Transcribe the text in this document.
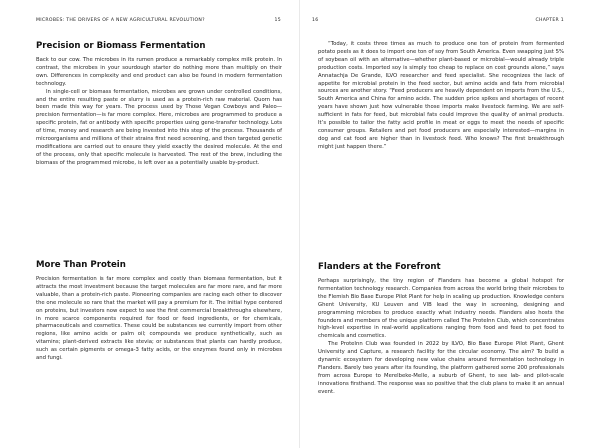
MICROBES: THE DRIVERS OF A NEW AGRICULTURAL REVOLUTION?	15
Precision or Biomass Fermentation

Back to our cow. The microbes in its rumen produce a remarkably complex milk protein. In contrast, the microbes in your sourdough starter do nothing more than multiply on their own. Differences in complexity and end product can also be found in modern fermentation technology.

In single-cell or biomass fermentation, microbes are grown under controlled conditions, and the entire resulting paste or slurry is used as a protein-rich raw material. Quorn has been made this way for years. The process used by Those Vegan Cowboys and Paleo—precision fermentation—is far more complex. Here, microbes are programmed to produce a specific protein, fat or antibody with specific properties using gene-transfer technology. Lots of time, money and research are being invested into this step of the process. Thousands of microorganisms and millions of their strains first need screening, and then targeted genetic modifications are carried out to ensure they yield exactly the desired molecule. At the end of the process, only that specific molecule is harvested. The rest of the brew, including the biomass of the programmed microbe, is left over as a potentially usable by-product.

More Than Protein

Precision fermentation is far more complex and costly than biomass fermentation, but it attracts the most investment because the target molecules are far more rare, and far more valuable, than a protein-rich paste. Pioneering companies are racing each other to discover the one molecule so rare that the market will pay a premium for it. The initial hype centered on proteins, but investors now expect to see the first commercial breakthroughs elsewhere, in more scarce components required for food or feed ingredients, or for chemicals, pharmaceuticals and cosmetics. These could be substances we currently import from other regions, like amino acids or palm oil; compounds we produce synthetically, such as vitamins; plant-derived extracts like stevia; or substances that plants can hardly produce, such as certain pigments or omega-3 fatty acids, or the enzymes found only in microbes and fungi.

16	CHAPTER 1

“Today, it costs three times as much to produce one ton of protein from fermented potato peels as it does to import one ton of soy from South America. Even swapping just 5% of soybean oil with an alternative—whether plant-based or microbial—would already triple production costs. Imported soy is simply too cheap to replace on cost grounds alone,” says Annatachja De Grande, ILVO researcher and feed specialist. She recognizes the lack of appetite for microbial protein in the feed sector, but amino acids and fats from microbial sources are another story. “Feed producers are heavily dependent on imports from the U.S., South America and China for amino acids. The sudden price spikes and shortages of recent years have shown just how vulnerable those imports make livestock farming. We are self-sufficient in fats for feed, but microbial fats could improve the quality of animal products. It’s possible to tailor the fatty acid profile in meat or eggs to meet the needs of specific consumer groups. Retailers and pet food producers are especially interested—margins in dog and cat food are higher than in livestock feed. Who knows? The first breakthrough might just happen there.”

Flanders at the Forefront

Perhaps surprisingly, the tiny region of Flanders has become a global hotspot for fermentation technology research. Companies from across the world bring their microbes to the Flemish Bio Base Europe Pilot Plant for help in scaling up production. Knowledge centers Ghent University, KU Leuven and VIB lead the way in screening, designing and programming microbes to produce exactly what industry needs. Flanders also hosts the founders and members of the unique platform called The ProteInn Club, which concentrates high-level expertise in real-world applications ranging from food and feed to pet food to chemicals and cosmetics.

The ProteInn Club was founded in 2022 by ILVO, Bio Base Europe Pilot Plant, Ghent University and Capture, a research facility for the circular economy. The aim? To build a dynamic ecosystem for developing new value chains around fermentation technology in Flanders. Barely two years after its founding, the platform gathered some 200 professionals from across Europe to Merelbeke-Melle, a suburb of Ghent, to see lab- and pilot-scale innovations firsthand. The response was so positive that the club plans to make it an annual event.
